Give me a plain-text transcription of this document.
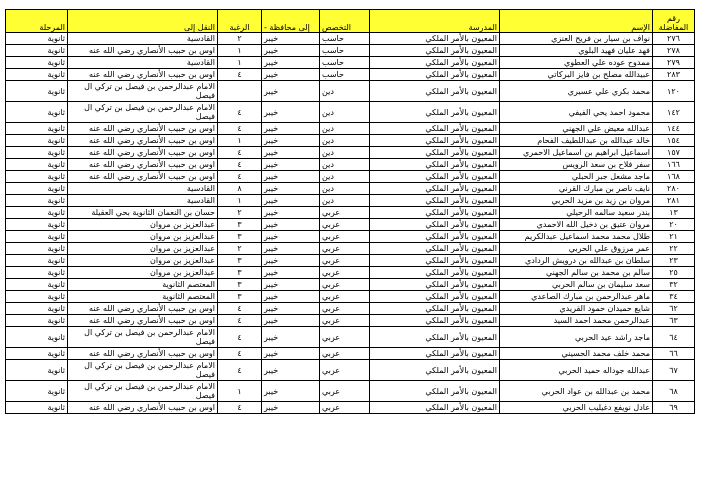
رقم المفاضلة	الإسم	المدرسة	التخصص	إلى محافظة -	الرغبة	النقل إلى	المرحلة
٢٧٦	نواف بن سيار بن فريح العنزي	المعيون بالأمر الملكي	حاسب	خيبر	٢	القادسية	ثانوية
٢٧٨	فهد عليان فهيد البلوي	المعيون بالأمر الملكي	حاسب	خيبر	١	اوس بن حبيب الأنصاري رضي الله عنه	ثانوية
٢٧٩	ممدوح عوده علي العطوي	المعيون بالأمر الملكي	حاسب	خيبر	١	القادسية	ثانوية
٢٨٣	عبيدالله مصلح بن فايز البركاتي	المعيون بالأمر الملكي	حاسب	خيبر	٤	اوس بن حبيب الأنصاري رضي الله عنه	ثانوية
١٢٠	محمد بكري علي عسيري	المعيون بالأمر الملكي	دين	خيبر		الامام عبدالرحمن بن فيصل بن تركي ال فيصل	ثانوية
١٤٢	محمود احمد يحي الفيفي	المعيون بالأمر الملكي	دين	خيبر	٤	الامام عبدالرحمن بن فيصل بن تركي ال فيصل	ثانوية
١٤٤	عبدالله معيض علي الجهني	المعيون بالأمر الملكي	دين	خيبر	٤	اوس بن حبيب الأنصاري رضي الله عنه	ثانوية
١٥٤	خالد عبدالله بن عبداللطيف الفحام	المعيون بالأمر الملكي	دين	خيبر	١	اوس بن حبيب الأنصاري رضي الله عنه	ثانوية
١٥٧	اسماعيل ابراهيم بن اسماعيل الاحمري	المعيون بالأمر الملكي	دين	خيبر	٤	اوس بن حبيب الأنصاري رضي الله عنه	ثانوية
١٦٦	سفر فلاح بن سعد الرويس	المعيون بالأمر الملكي	دين	خيبر	٤	اوس بن حبيب الأنصاري رضي الله عنه	ثانوية
١٦٨	ماجد مشعل جبر الحبلي	المعيون بالأمر الملكي	دين	خيبر	٤	اوس بن حبيب الأنصاري رضي الله عنه	ثانوية
٢٨٠	نايف ناصر بن مبارك القرني	المعيون بالأمر الملكي	دين	خيبر	٨	القادسية	ثانوية
٢٨١	مروان بن زيد بن مزيد الحربي	المعيون بالأمر الملكي	دين	خيبر	١	القادسية	ثانوية
١٣	بندر سعيد سالمه الرحيلي	المعيون بالأمر الملكي	عربي	خيبر	٢	حسان بن النعمان الثانوية بحي العقيلة	ثانوية
٢٠	مروان عتيق بن دخيل الله الاحمدي	المعيون بالأمر الملكي	عربي	خيبر	٣	عبدالعزيز بن مروان	ثانوية
٢١	طلال محمد محمد اسماعيل عبدالكريم	المعيون بالأمر الملكي	عربي	خيبر	٣	عبدالعزيز بن مروان	ثانوية
٢٢	عمر مرزوق علي الحربي	المعيون بالأمر الملكي	عربي	خيبر	٢	عبدالعزيز بن مروان	ثانوية
٢٣	سلطان بن عبدالله بن درويش الردادي	المعيون بالأمر الملكي	عربي	خيبر	٣	عبدالعزيز بن مروان	ثانوية
٢٥	سالم بن محمد بن سالم الجهني	المعيون بالأمر الملكي	عربي	خيبر	٣	عبدالعزيز بن مروان	ثانوية
٣٢	سعد سليمان بن سالم الحربي	المعيون بالأمر الملكي	عربي	خيبر	٣	المعتصم الثانوية	ثانوية
٣٤	ماهر عبدالرحمن بن مبارك الصاعدي	المعيون بالأمر الملكي	عربي	خيبر	٣	المعتصم الثانوية	ثانوية
٦٢	شايع حميدان حمود القريدي	المعيون بالأمر الملكي	عربي	خيبر	٤	اوس بن حبيب الأنصاري رضي الله عنه	ثانوية
٦٣	عبدالرحمن محمد احمد السيد	المعيون بالأمر الملكي	عربي	خيبر	٤	اوس بن حبيب الأنصاري رضي الله عنه	ثانوية
٦٤	ماجد راشد عيد الحربي	المعيون بالأمر الملكي	عربي	خيبر	٤	الامام عبدالرحمن بن فيصل بن تركي ال فيصل	ثانوية
٦٦	محمد خلف محمد الحسيني	المعيون بالأمر الملكي	عربي	خيبر	٤	اوس بن حبيب الأنصاري رضي الله عنه	ثانوية
٦٧	عبدالله جوداله حميد الحربي	المعيون بالأمر الملكي	عربي	خيبر	٤	الامام عبدالرحمن بن فيصل بن تركي ال فيصل	ثانوية
٦٨	محمد بن عبدالله بن عواد الحربي	المعيون بالأمر الملكي	عربي	خيبر	١	الامام عبدالرحمن بن فيصل بن تركي ال فيصل	ثانوية
٦٩	عادل نويفع دغيليب الحربي	المعيون بالأمر الملكي	عربي	خيبر	٤	اوس بن حبيب الأنصاري رضي الله عنه	ثانوية
